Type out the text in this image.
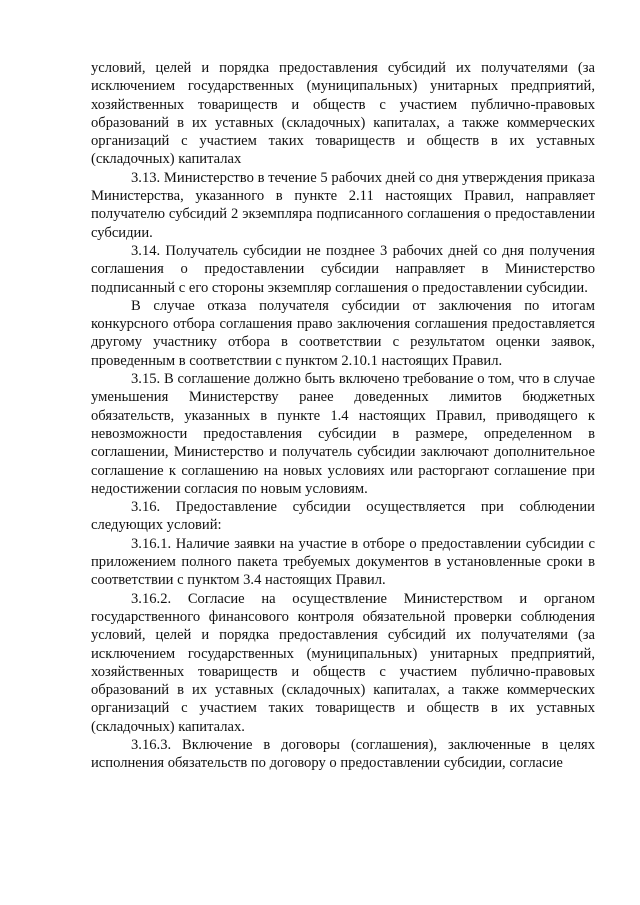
условий, целей и порядка предоставления субсидий их получателями (за исключением государственных (муниципальных) унитарных предприятий, хозяйственных товариществ и обществ с участием публично-правовых образований в их уставных (складочных) капиталах, а также коммерческих организаций с участием таких товариществ и обществ в их уставных (складочных) капиталах

3.13. Министерство в течение 5 рабочих дней со дня утверждения приказа Министерства, указанного в пункте 2.11 настоящих Правил, направляет получателю субсидий 2 экземпляра подписанного соглашения о предоставлении субсидии.

3.14. Получатель субсидии не позднее 3 рабочих дней со дня получения соглашения о предоставлении субсидии направляет в Министерство подписанный с его стороны экземпляр соглашения о предоставлении субсидии.

В случае отказа получателя субсидии от заключения по итогам конкурсного отбора соглашения право заключения соглашения предоставляется другому участнику отбора в соответствии с результатом оценки заявок, проведенным в соответствии с пунктом 2.10.1 настоящих Правил.

3.15. В соглашение должно быть включено требование о том, что в случае уменьшения Министерству ранее доведенных лимитов бюджетных обязательств, указанных в пункте 1.4 настоящих Правил, приводящего к невозможности предоставления субсидии в размере, определенном в соглашении, Министерство и получатель субсидии заключают дополнительное соглашение к соглашению на новых условиях или расторгают соглашение при недостижении согласия по новым условиям.

3.16. Предоставление субсидии осуществляется при соблюдении следующих условий:

3.16.1. Наличие заявки на участие в отборе о предоставлении субсидии с приложением полного пакета требуемых документов в установленные сроки в соответствии с пунктом 3.4 настоящих Правил.

3.16.2. Согласие на осуществление Министерством и органом государственного финансового контроля обязательной проверки соблюдения условий, целей и порядка предоставления субсидий их получателями (за исключением государственных (муниципальных) унитарных предприятий, хозяйственных товариществ и обществ с участием публично-правовых образований в их уставных (складочных) капиталах, а также коммерческих организаций с участием таких товариществ и обществ в их уставных (складочных) капиталах.

3.16.3. Включение в договоры (соглашения), заключенные в целях исполнения обязательств по договору о предоставлении субсидии, согласие
